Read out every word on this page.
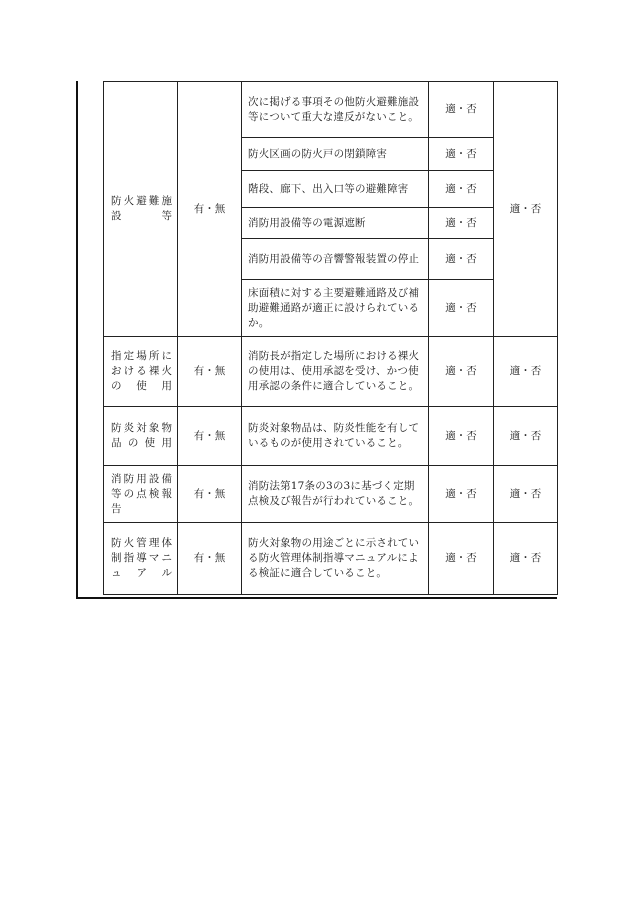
防火避難施設等	有・無	次に掲げる事項その他防火避難施設等について重大な違反がないこと。	適・否	適・否
		防火区画の防火戸の閉鎖障害	適・否	
		階段、廊下、出入口等の避難障害	適・否	
		消防用設備等の電源遮断	適・否	
		消防用設備等の音響警報装置の停止	適・否	
		床面積に対する主要避難通路及び補助避難通路が適正に設けられているか。	適・否	

指定場所における裸火の使用	有・無	消防長が指定した場所における裸火の使用は、使用承認を受け、かつ使用承認の条件に適合していること。	適・否	適・否

防炎対象物品の使用	有・無	防炎対象物品は、防炎性能を有しているものが使用されていること。	適・否	適・否

消防用設備等の点検報告	有・無	消防法第17条の3の3に基づく定期点検及び報告が行われていること。	適・否	適・否

防火管理体制指導マニュアル	有・無	防火対象物の用途ごとに示されている防火管理体制指導マニュアルによる検証に適合していること。	適・否	適・否
